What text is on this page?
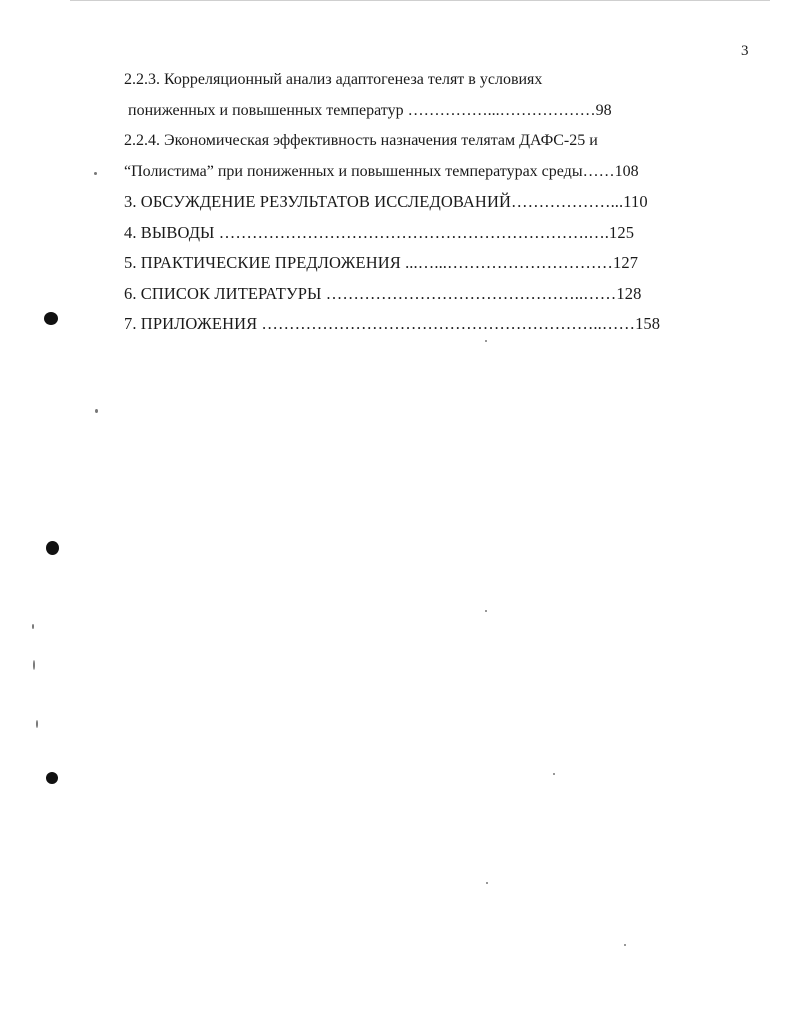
3
2.2.3. Корреляционный анализ адаптогенеза телят в условиях
пониженных и повышенных температур ……………...………………98
2.2.4. Экономическая эффективность назначения телятам ДАФС-25 и
“Полистима” при пониженных и повышенных температурах среды……108
3. ОБСУЖДЕНИЕ РЕЗУЛЬТАТОВ ИССЛЕДОВАНИЙ………………...110
4. ВЫВОДЫ ………………………………………………………….….125
5. ПРАКТИЧЕСКИЕ ПРЕДЛОЖЕНИЯ ...…...…………………………127
6. СПИСОК ЛИТЕРАТУРЫ ………………………………………..……128
7. ПРИЛОЖЕНИЯ ……………………………………………………..……158
